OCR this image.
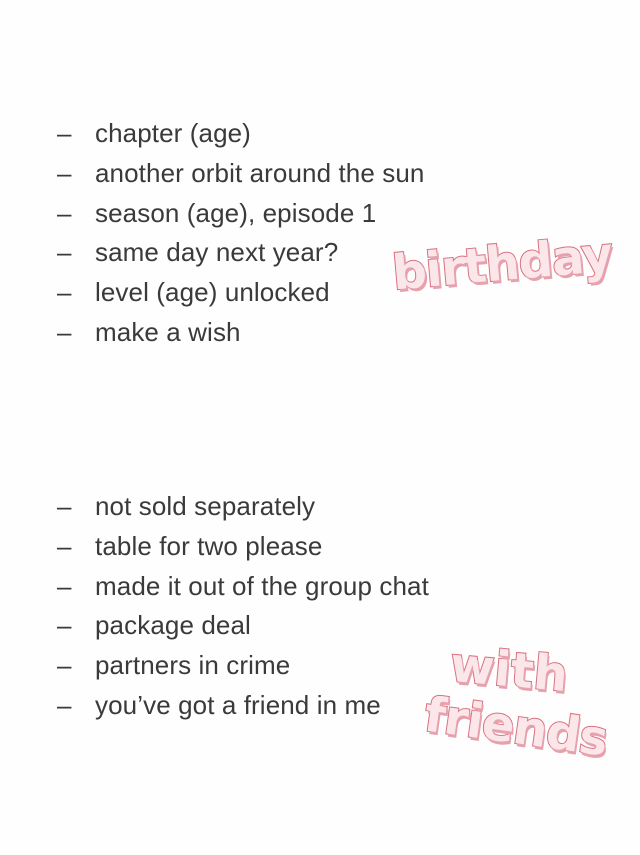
– chapter (age)
– another orbit around the sun
– season (age), episode 1
– same day next year?
– level (age) unlocked
– make a wish
birthday
– not sold separately
– table for two please
– made it out of the group chat
– package deal
– partners in crime
– you’ve got a friend in me
with
friends
